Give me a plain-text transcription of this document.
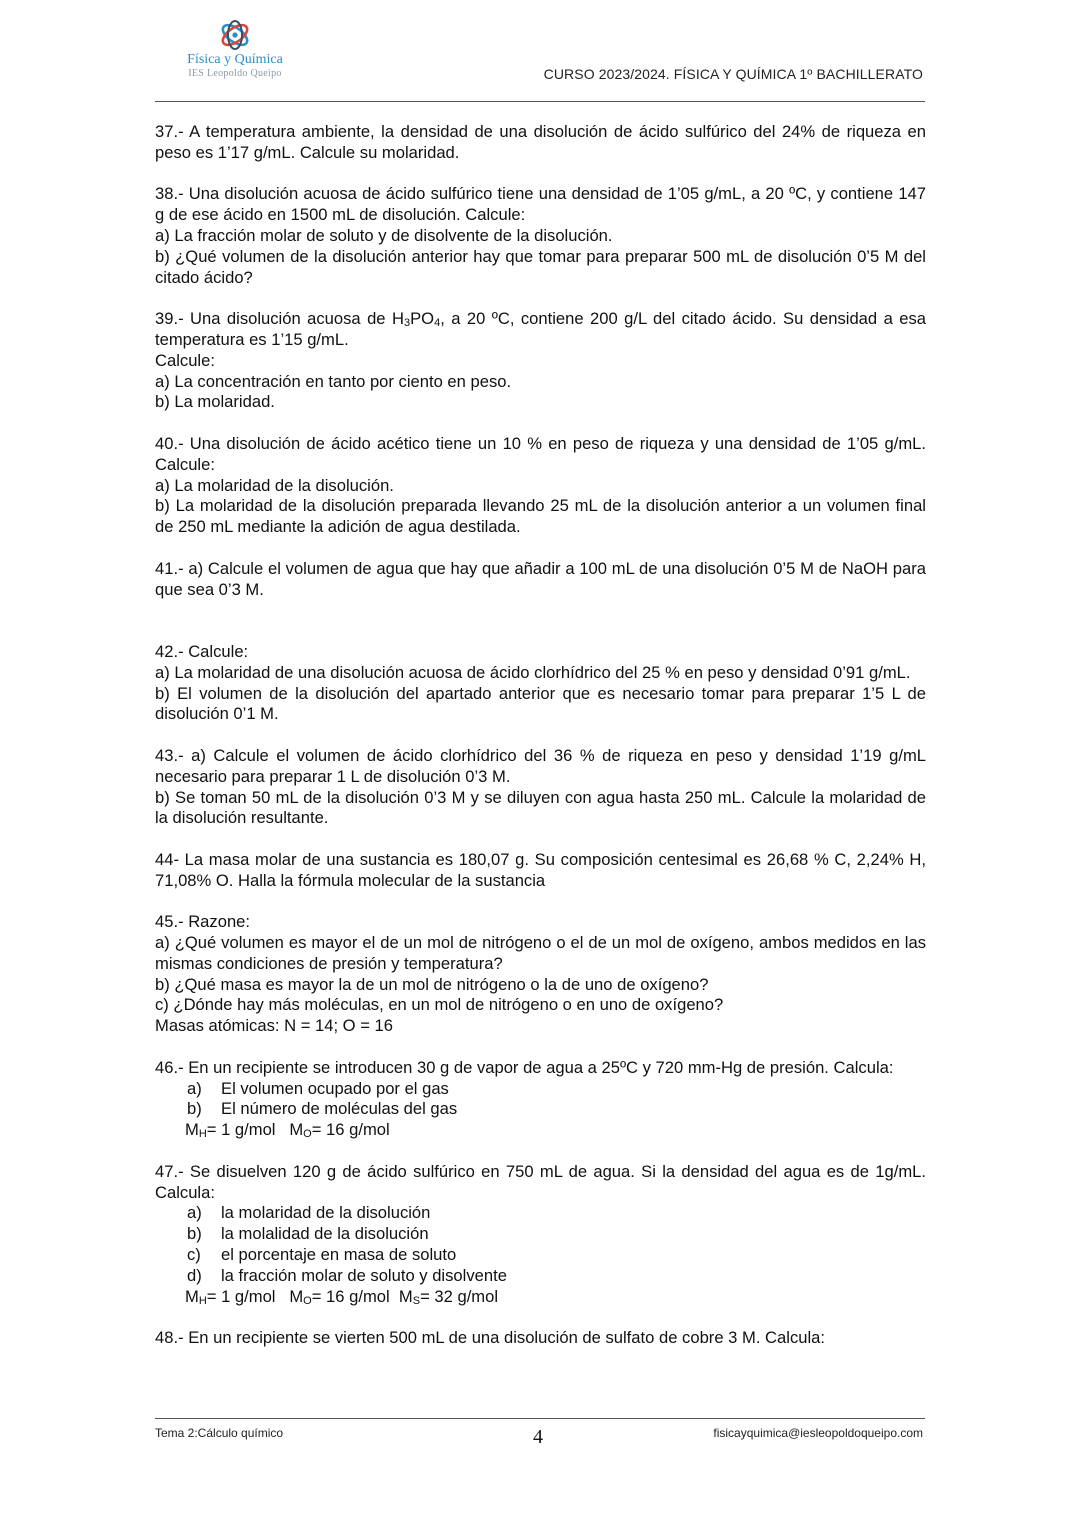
Física y Química
IES Leopoldo Queipo	CURSO 2023/2024. FÍSICA Y QUÍMICA 1º BACHILLERATO

37.- A temperatura ambiente, la densidad de una disolución de ácido sulfúrico del 24% de riqueza en peso es 1’17 g/mL. Calcule su molaridad.

38.- Una disolución acuosa de ácido sulfúrico tiene una densidad de 1’05 g/mL, a 20 ºC, y contiene 147 g de ese ácido en 1500 mL de disolución. Calcule:

a) La fracción molar de soluto y de disolvente de la disolución.

b) ¿Qué volumen de la disolución anterior hay que tomar para preparar 500 mL de disolución 0’5 M del citado ácido?

39.- Una disolución acuosa de $H_3PO_4$, a 20 ºC, contiene 200 g/L del citado ácido. Su densidad a esa temperatura es 1’15 g/mL.

Calcule:

a) La concentración en tanto por ciento en peso.

b) La molaridad.

40.- Una disolución de ácido acético tiene un 10 % en peso de riqueza y una densidad de 1’05 g/mL. Calcule:

a) La molaridad de la disolución.

b) La molaridad de la disolución preparada llevando 25 mL de la disolución anterior a un volumen final de 250 mL mediante la adición de agua destilada.

41.- a) Calcule el volumen de agua que hay que añadir a 100 mL de una disolución 0’5 M de NaOH para que sea 0’3 M.

42.- Calcule:

a) La molaridad de una disolución acuosa de ácido clorhídrico del 25 % en peso y densidad 0’91 g/mL.

b) El volumen de la disolución del apartado anterior que es necesario tomar para preparar 1’5 L de disolución 0’1 M.

43.- a) Calcule el volumen de ácido clorhídrico del 36 % de riqueza en peso y densidad 1’19 g/mL necesario para preparar 1 L de disolución 0’3 M.

b) Se toman 50 mL de la disolución 0’3 M y se diluyen con agua hasta 250 mL. Calcule la molaridad de la disolución resultante.

44- La masa molar de una sustancia es 180,07 g. Su composición centesimal es 26,68 % C, 2,24% H, 71,08% O. Halla la fórmula molecular de la sustancia

45.- Razone:

a) ¿Qué volumen es mayor el de un mol de nitrógeno o el de un mol de oxígeno, ambos medidos en las mismas condiciones de presión y temperatura?

b) ¿Qué masa es mayor la de un mol de nitrógeno o la de uno de oxígeno?

c) ¿Dónde hay más moléculas, en un mol de nitrógeno o en uno de oxígeno?

Masas atómicas: N = 14; O = 16

46.- En un recipiente se introducen 30 g de vapor de agua a 25ºC y 720 mm-Hg de presión. Calcula:

a)	El volumen ocupado por el gas
b)	El número de moléculas del gas

$M_H= 1$ g/mol $M_O= 16$ g/mol

47.- Se disuelven 120 g de ácido sulfúrico en 750 mL de agua. Si la densidad del agua es de 1g/mL. Calcula:

a)	la molaridad de la disolución
b)	la molalidad de la disolución
c)	el porcentaje en masa de soluto
d)	la fracción molar de soluto y disolvente

$M_H= 1$ g/mol $M_O= 16$ g/mol $M_S= 32$ g/mol

48.- En un recipiente se vierten 500 mL de una disolución de sulfato de cobre 3 M. Calcula:

Tema 2:Cálculo químico	4	fisicayquimica@iesleopoldoqueipo.com
